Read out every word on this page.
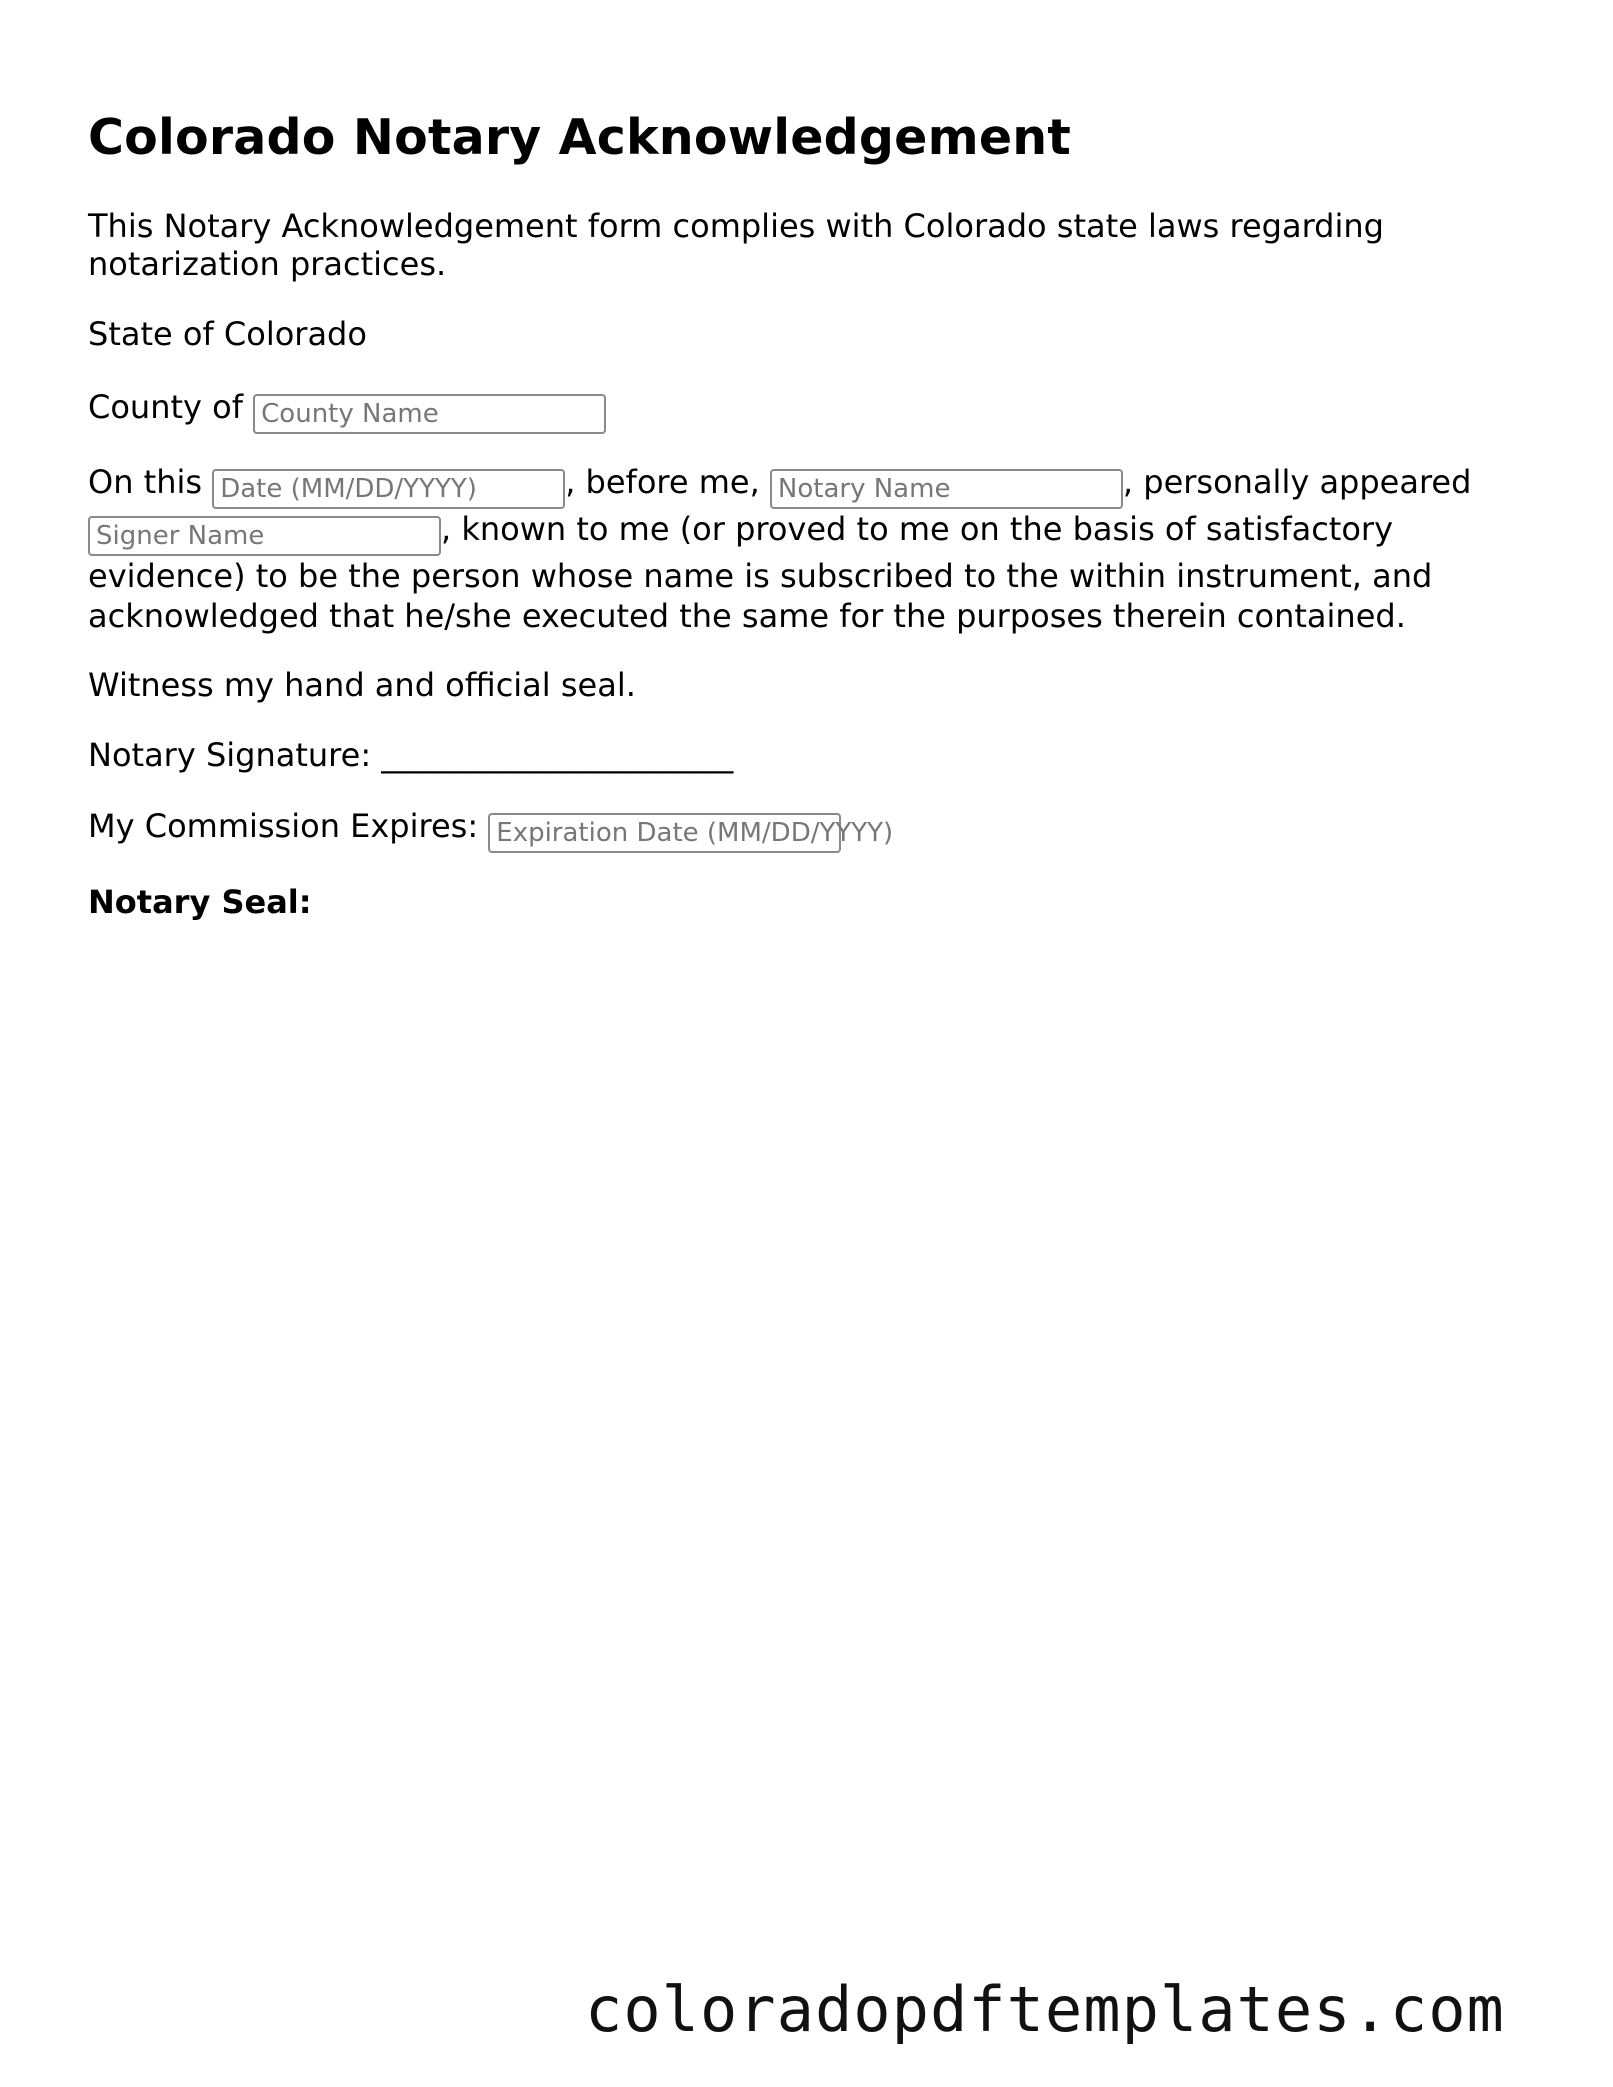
Colorado Notary Acknowledgement

This Notary Acknowledgement form complies with Colorado state laws regarding notarization practices.

State of Colorado

County of County Name

On this Date (MM/DD/YYYY)	, before me, Notary Name	, personally appeared Signer Name	, known to me (or proved to me on the basis of satisfactory evidence) to be the person whose name is subscribed to the within instrument, and acknowledged that he/she executed the same for the purposes therein contained.

Witness my hand and official seal.

Notary Signature: ______________________

My Commission Expires: Expiration Date (MM/DD/YYYY)

Notary Seal:

coloradopdftemplates.com
